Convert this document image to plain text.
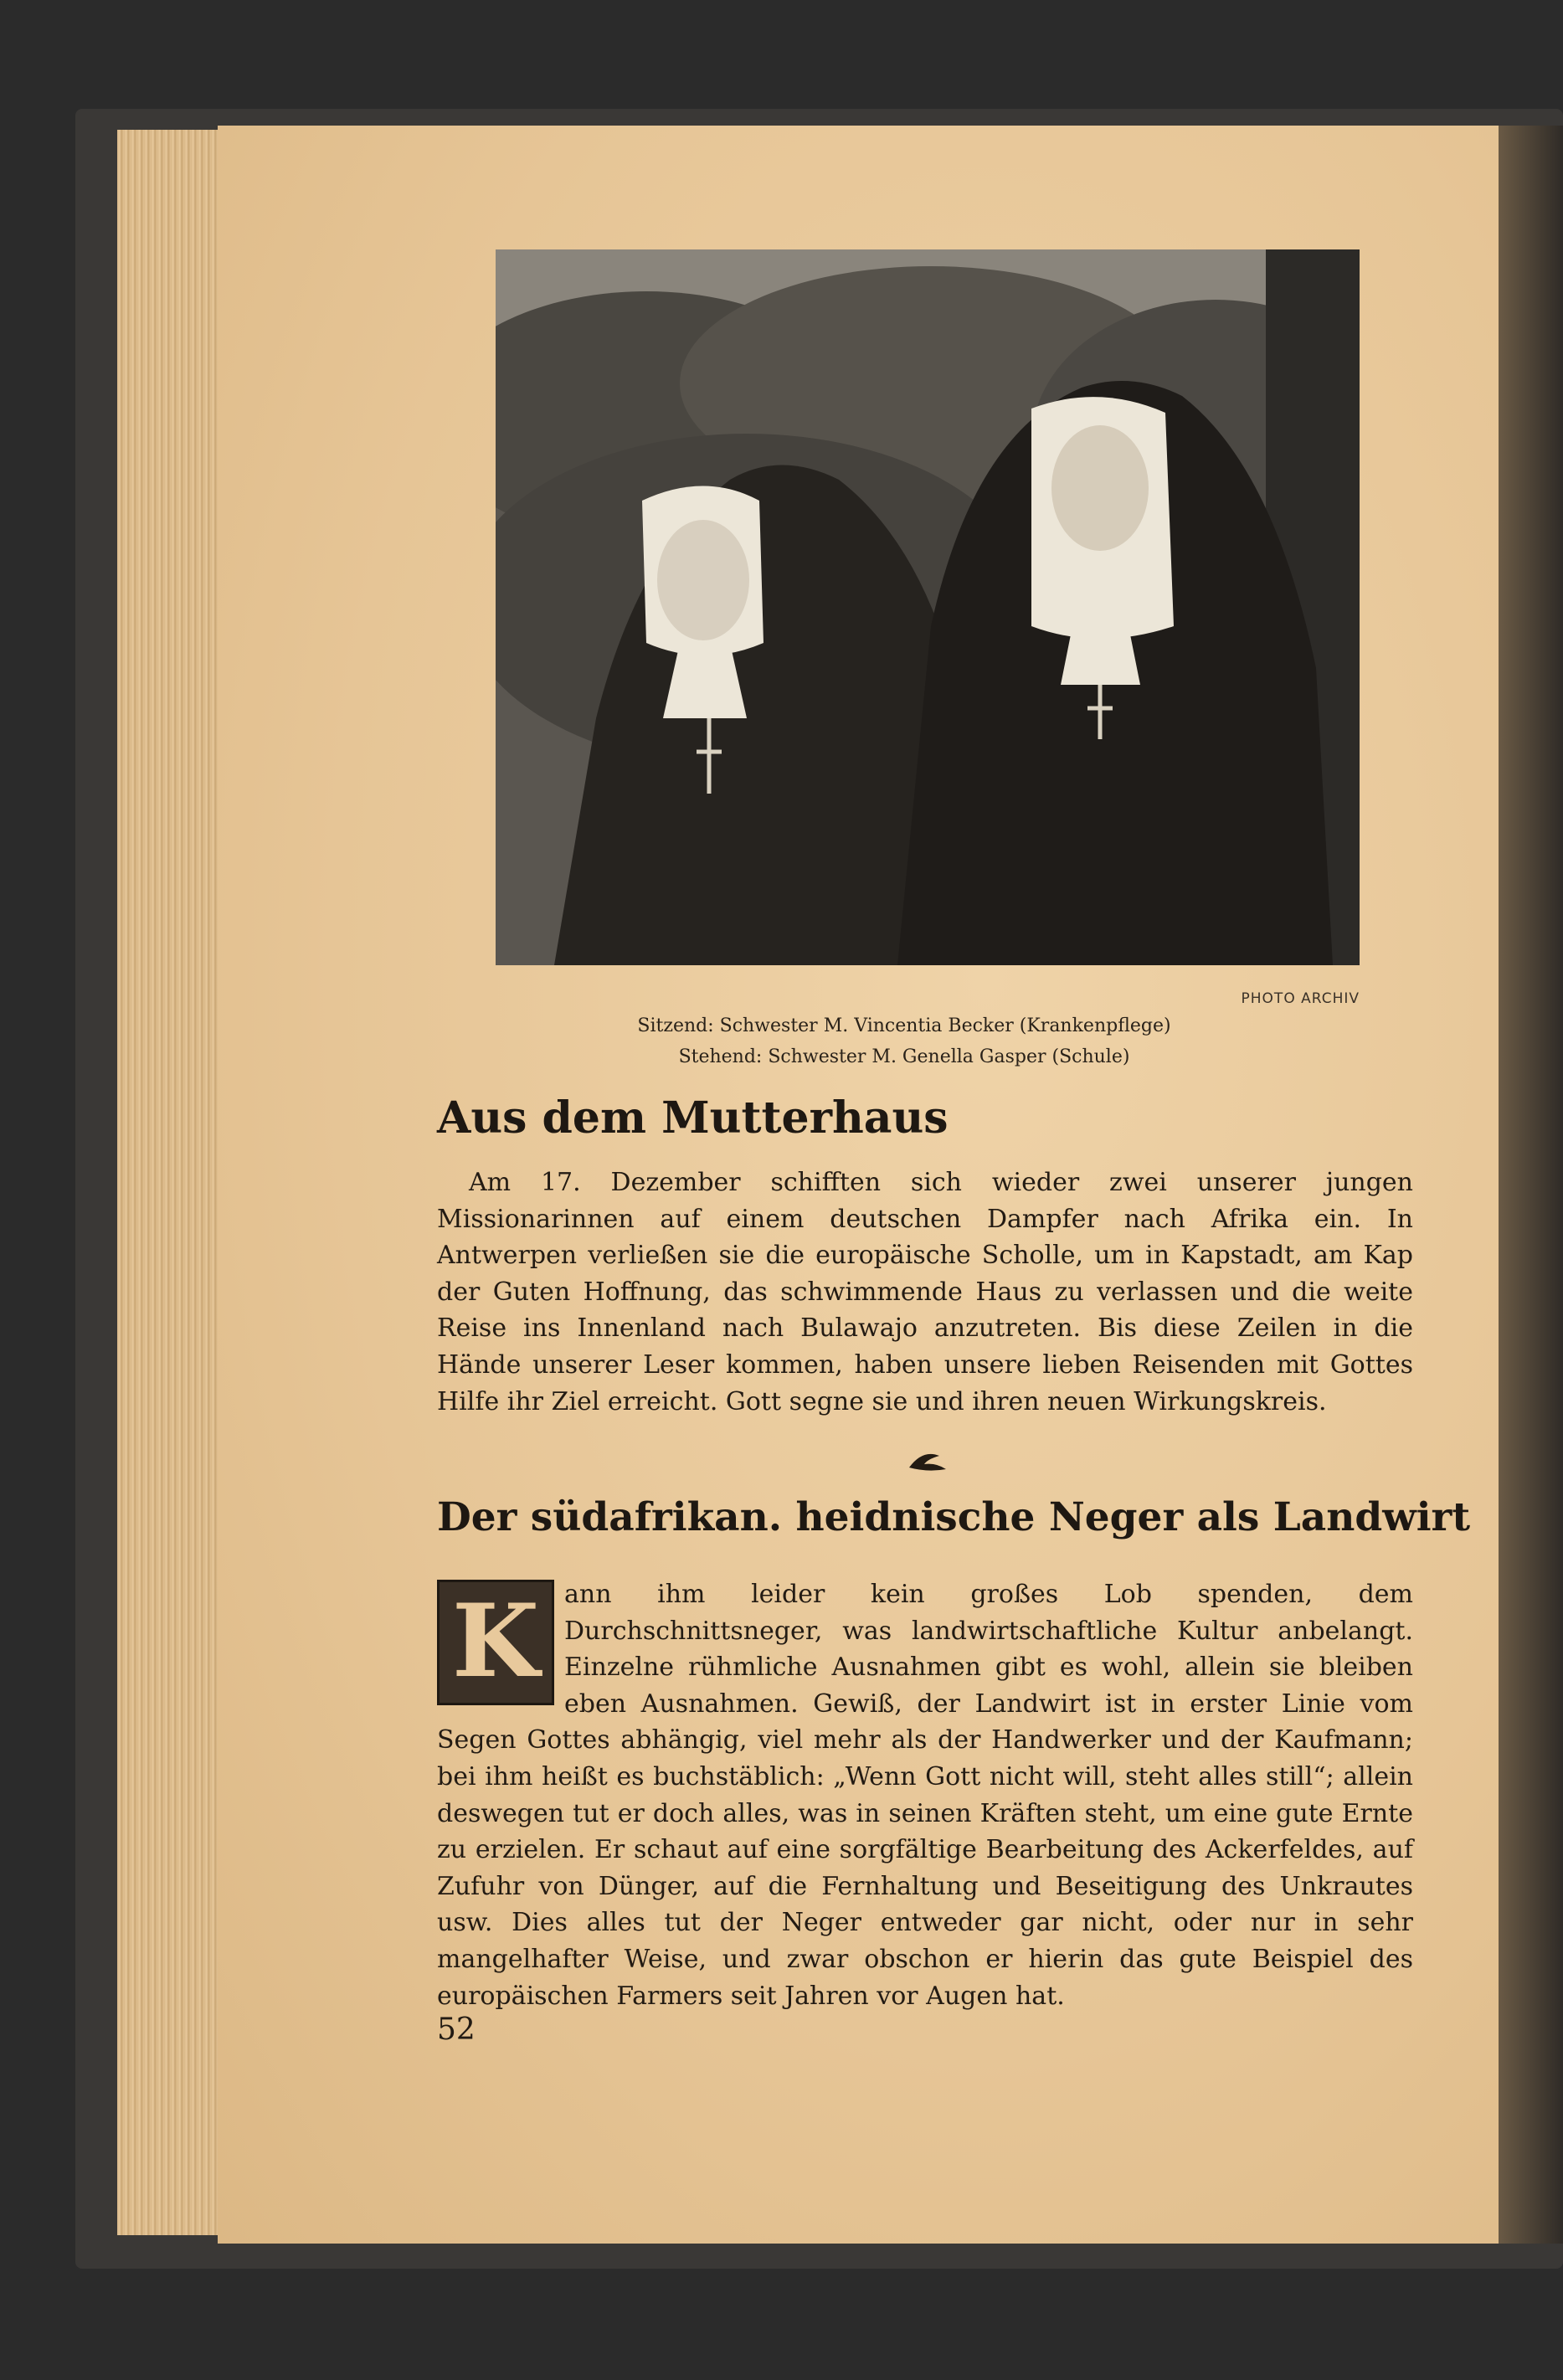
PHOTO ARCHIV
Sitzend: Schwester M. Vincentia Becker (Krankenpflege)
Stehend: Schwester M. Genella Gasper (Schule)
Aus dem Mutterhaus

Am 17. Dezember schifften sich wieder zwei unserer jungen Missionarinnen auf einem deutschen Dampfer nach Afrika ein. In Antwerpen verließen sie die europäische Scholle, um in Kapstadt, am Kap der Guten Hoffnung, das schwimmende Haus zu verlassen und die weite Reise ins Innenland nach Bulawajo anzutreten. Bis diese Zeilen in die Hände unserer Leser kommen, haben unsere lieben Reisenden mit Gottes Hilfe ihr Ziel erreicht. Gott segne sie und ihren neuen Wirkungskreis.

Der südafrikan. heidnische Neger als Landwirt
K ann ihm leider kein großes Lob spenden, dem Durchschnittsneger, was landwirtschaftliche Kultur anbelangt. Einzelne rühmliche Ausnahmen gibt es wohl, allein sie bleiben eben Ausnahmen. Gewiß, der Landwirt ist in erster Linie vom Segen Gottes abhängig, viel mehr als der Handwerker und der Kaufmann; bei ihm heißt es buchstäblich: „Wenn Gott nicht will, steht alles still“; allein deswegen tut er doch alles, was in seinen Kräften steht, um eine gute Ernte zu erzielen. Er schaut auf eine sorgfältige Bearbeitung des Ackerfeldes, auf Zufuhr von Dünger, auf die Fernhaltung und Beseitigung des Unkrautes usw. Dies alles tut der Neger entweder gar nicht, oder nur in sehr mangelhafter Weise, und zwar obschon er hierin das gute Beispiel des europäischen Farmers seit Jahren vor Augen hat.
52
